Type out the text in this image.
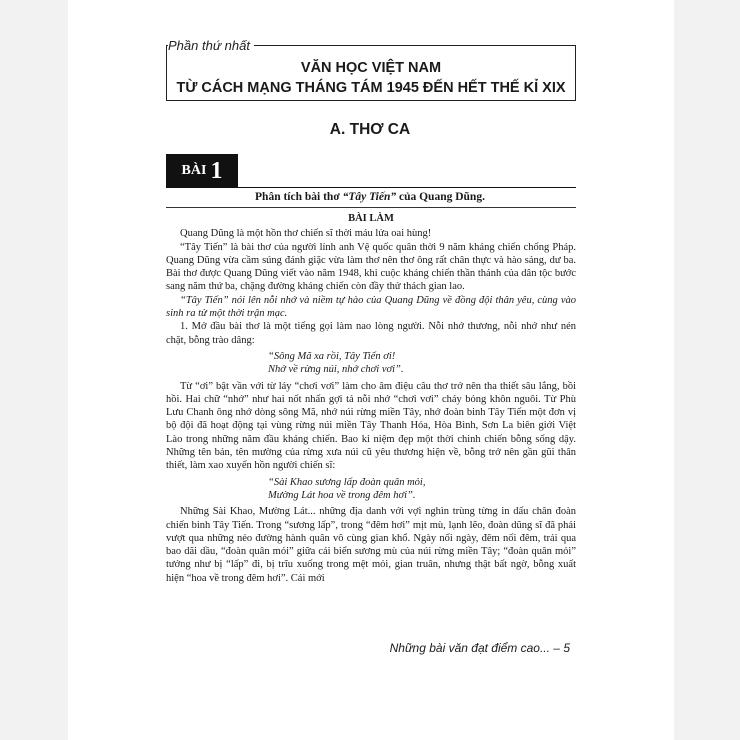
Phần thứ nhất
VĂN HỌC VIỆT NAM
TỪ CÁCH MẠNG THÁNG TÁM 1945 ĐẾN HẾT THẾ KỈ XIX
A. THƠ CA
BÀI 1
Phân tích bài thơ “Tây Tiến” của Quang Dũng.

BÀI LÀM

Quang Dũng là một hồn thơ chiến sĩ thời máu lửa oai hùng!

“Tây Tiến” là bài thơ của người lính anh Vệ quốc quân thời 9 năm kháng chiến chống Pháp. Quang Dũng vừa cầm súng đánh giặc vừa làm thơ nên thơ ông rất chân thực và hào sảng, dư ba. Bài thơ được Quang Dũng viết vào năm 1948, khi cuộc kháng chiến thần thánh của dân tộc bước sang năm thứ ba, chặng đường kháng chiến còn đầy thử thách gian lao.

“Tây Tiến” nói lên nỗi nhớ và niềm tự hào của Quang Dũng về đồng đội thân yêu, cùng vào sinh ra tử một thời trận mạc.

1. Mở đầu bài thơ là một tiếng gọi làm nao lòng người. Nỗi nhớ thương, nỗi nhớ như nén chặt, bỗng trào dâng:

“Sông Mã xa rồi, Tây Tiến ơi!
Nhớ về rừng núi, nhớ chơi vơi”.

Từ “ơi” bật vần với từ láy “chơi vơi” làm cho âm điệu câu thơ trở nên tha thiết sâu lắng, bồi hồi. Hai chữ “nhớ” như hai nốt nhấn gợi tả nỗi nhớ “chơi vơi” cháy bỏng khôn nguôi. Từ Phù Lưu Chanh ông nhớ dòng sông Mã, nhớ núi rừng miền Tây, nhớ đoàn binh Tây Tiến một đơn vị bộ đội đã hoạt động tại vùng rừng núi miền Tây Thanh Hóa, Hòa Bình, Sơn La biên giới Việt Lào trong những năm đầu kháng chiến. Bao kỉ niệm đẹp một thời chinh chiến bỗng sống dậy. Những tên bản, tên mường của rừng xưa núi cũ yêu thương hiện về, bỗng trở nên gần gũi thân thiết, làm xao xuyến hồn người chiến sĩ:

“Sài Khao sương lấp đoàn quân mỏi,
Mường Lát hoa về trong đêm hơi”.

Những Sài Khao, Mường Lát... những địa danh với vợi nghìn trùng từng in dấu chân đoàn chiến binh Tây Tiến. Trong “sương lấp”, trong “đêm hơi” mịt mù, lạnh lẽo, đoàn dũng sĩ đã phải vượt qua những nẻo đường hành quân vô cùng gian khổ. Ngày nối ngày, đêm nối đêm, trải qua bao dãi dầu, “đoàn quân mỏi” giữa cái biển sương mù của núi rừng miền Tây; “đoàn quân mỏi” tưởng như bị “lấp” đi, bị trĩu xuống trong mệt mỏi, gian truân, nhưng thật bất ngờ, bỗng xuất hiện “hoa về trong đêm hơi”. Cái mới

Những bài văn đạt điểm cao... – 5
